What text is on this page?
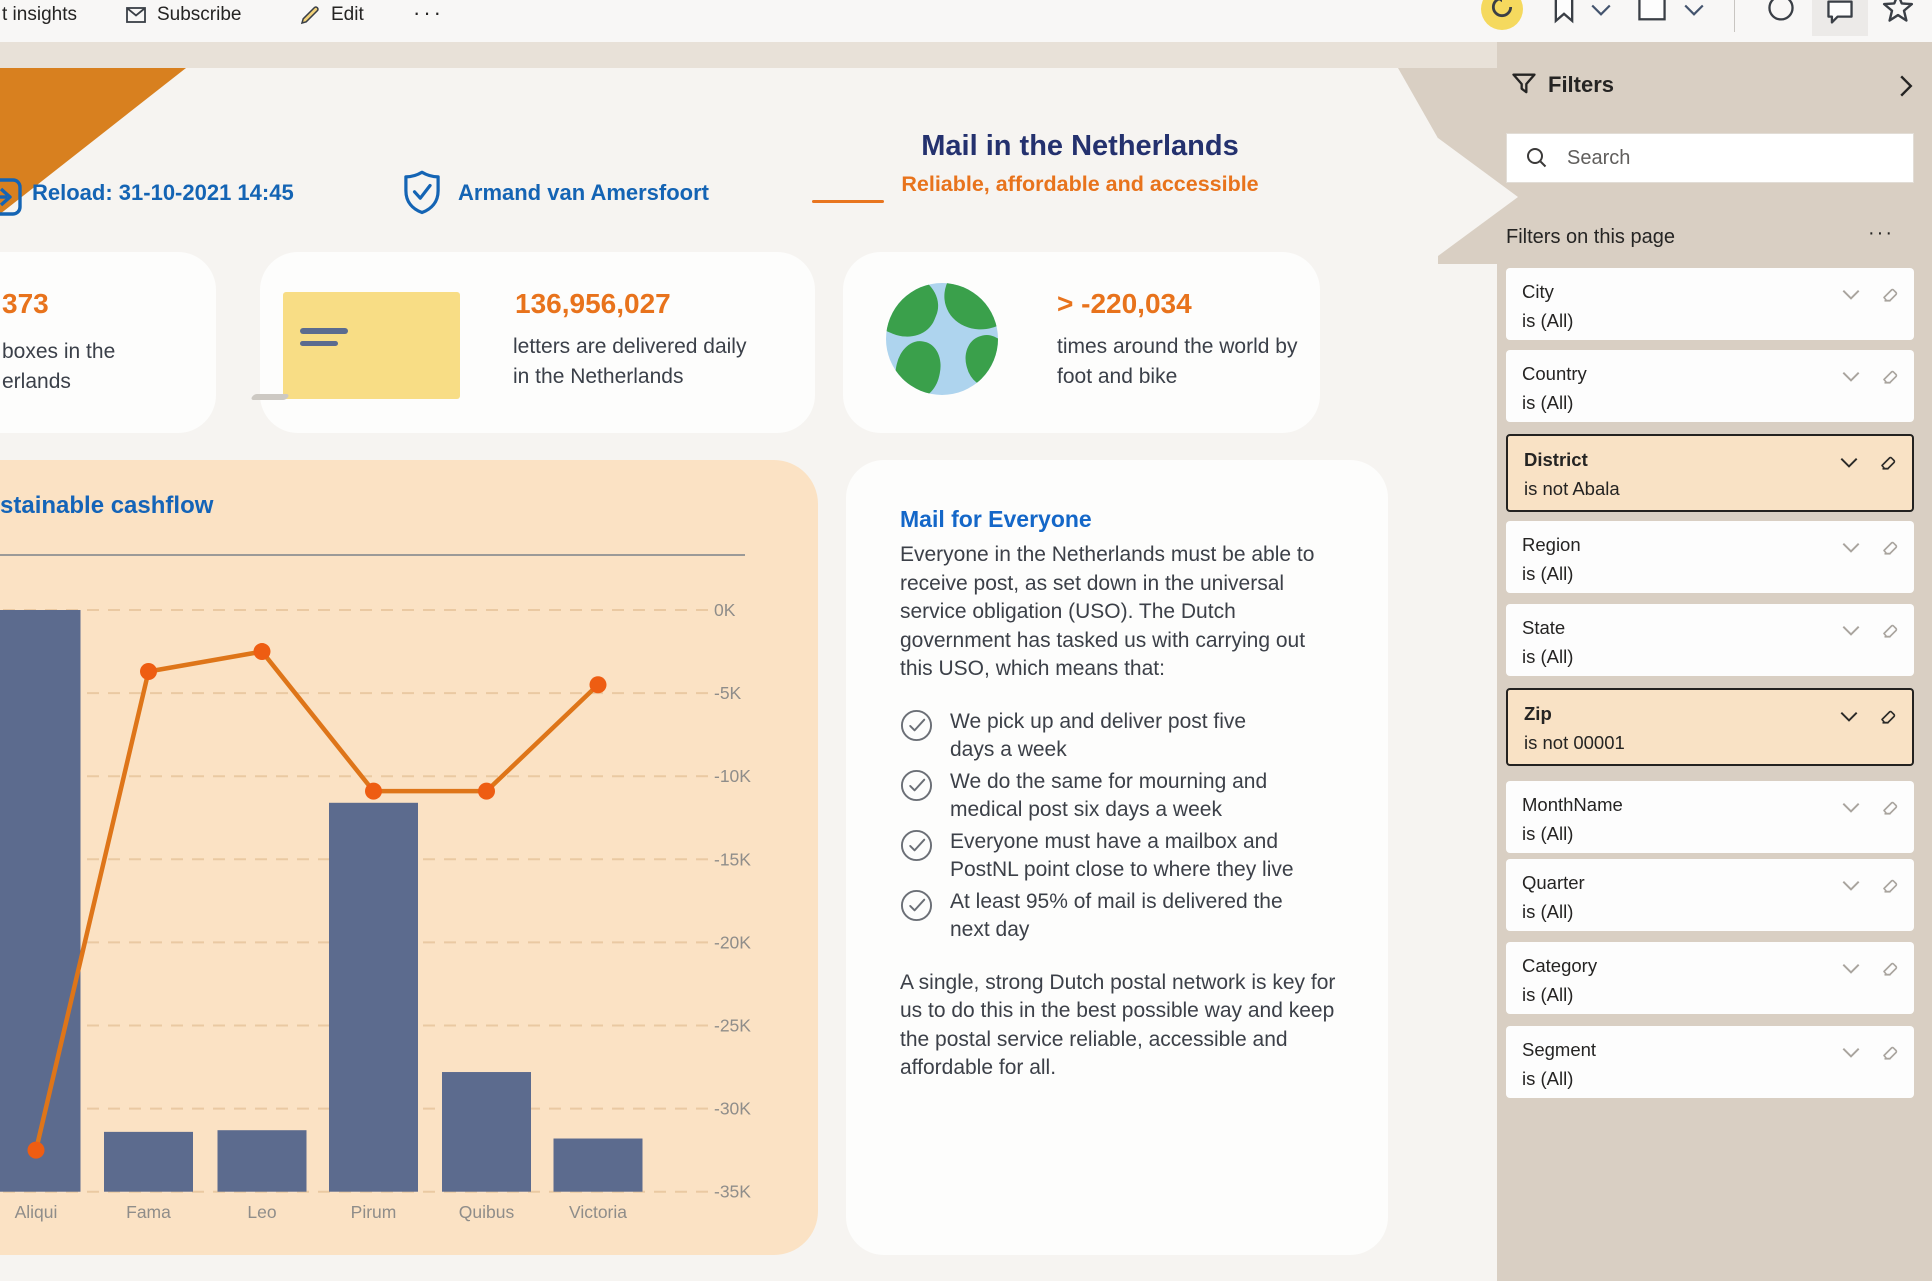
t insights	Subscribe	Edit ···
Reload: 31-10-2021 14:45	Armand van Amersfoort
Mail in the Netherlands
Reliable, affordable and accessible
373
boxes in the
erlands
136,956,027
letters are delivered daily
in the Netherlands
> -220,034
times around the world by
foot and bike
stainable cashflow
0K
-5K
-10K
-15K
-20K
-25K
-30K
-35K
Aliqui	Fama	Leo	Pirum	Quibus	Victoria
Mail for Everyone
Everyone in the Netherlands must be able to receive post, as set down in the universal service obligation (USO). The Dutch government has tasked us with carrying out this USO, which means that:
We pick up and deliver post five days a week
We do the same for mourning and medical post six days a week
Everyone must have a mailbox and PostNL point close to where they live
At least 95% of mail is delivered the next day
A single, strong Dutch postal network is key for us to do this in the best possible way and keep the postal service reliable, accessible and affordable for all.
Filters
Search
Filters on this page	···
City
is (All)
Country
is (All)
District
is not Abala
Region
is (All)
State
is (All)
Zip
is not 00001
MonthName
is (All)
Quarter
is (All)
Category
is (All)
Segment
is (All)
